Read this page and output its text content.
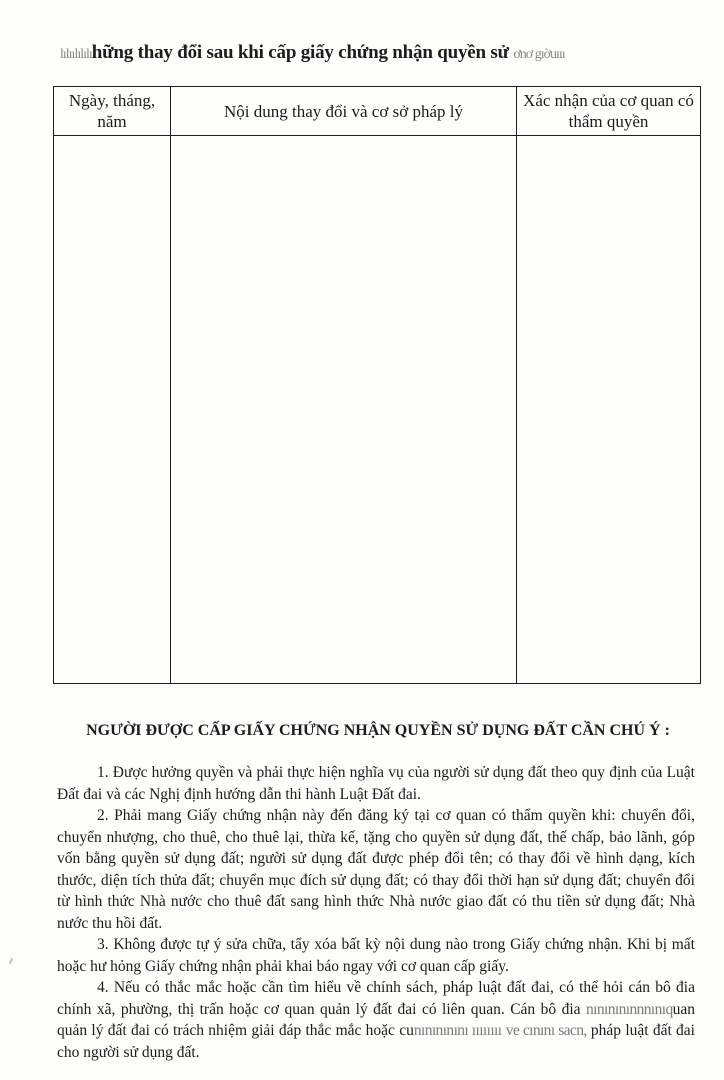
lılıılılılıhững thay đổi sau khi cấp giấy chứng nhận quyền sử ơnơ gıờuııı
Ngày, tháng, năm	Nội dung thay đổi và cơ sở pháp lý	Xác nhận của cơ quan có thẩm quyền

NGƯỜI ĐƯỢC CẤP GIẤY CHỨNG NHẬN QUYỀN SỬ DỤNG ĐẤT CẦN CHÚ Ý :

1. Được hưởng quyền và phải thực hiện nghĩa vụ của người sử dụng đất theo quy định của Luật Đất đai và các Nghị định hướng dẫn thi hành Luật Đất đai.

2. Phải mang Giấy chứng nhận này đến đăng ký tại cơ quan có thẩm quyền khi: chuyển đổi, chuyển nhượng, cho thuê, cho thuê lại, thừa kế, tặng cho quyền sử dụng đất, thế chấp, bảo lãnh, góp vốn bằng quyền sử dụng đất; người sử dụng đất được phép đổi tên; có thay đổi về hình dạng, kích thước, diện tích thửa đất; chuyển mục đích sử dụng đất; có thay đổi thời hạn sử dụng đất; chuyển đổi từ hình thức Nhà nước cho thuê đất sang hình thức Nhà nước giao đất có thu tiền sử dụng đất; Nhà nước thu hồi đất.

3. Không được tự ý sửa chữa, tẩy xóa bất kỳ nội dung nào trong Giấy chứng nhận. Khi bị mất hoặc hư hỏng Giấy chứng nhận phải khai báo ngay với cơ quan cấp giấy.

4. Nếu có thắc mắc hoặc cần tìm hiểu về chính sách, pháp luật đất đai, có thể hỏi cán bô đia chính xã, phường, thị trấn hoặc cơ quan quản lý đất đai có liên quan. Cán bô đia nınınınınnnınıquan quản lý đất đai có trách nhiệm giải đáp thắc mắc hoặc cunınınınını ıııııııı ve cınını sacn, pháp luật đất đai cho người sử dụng đất.
